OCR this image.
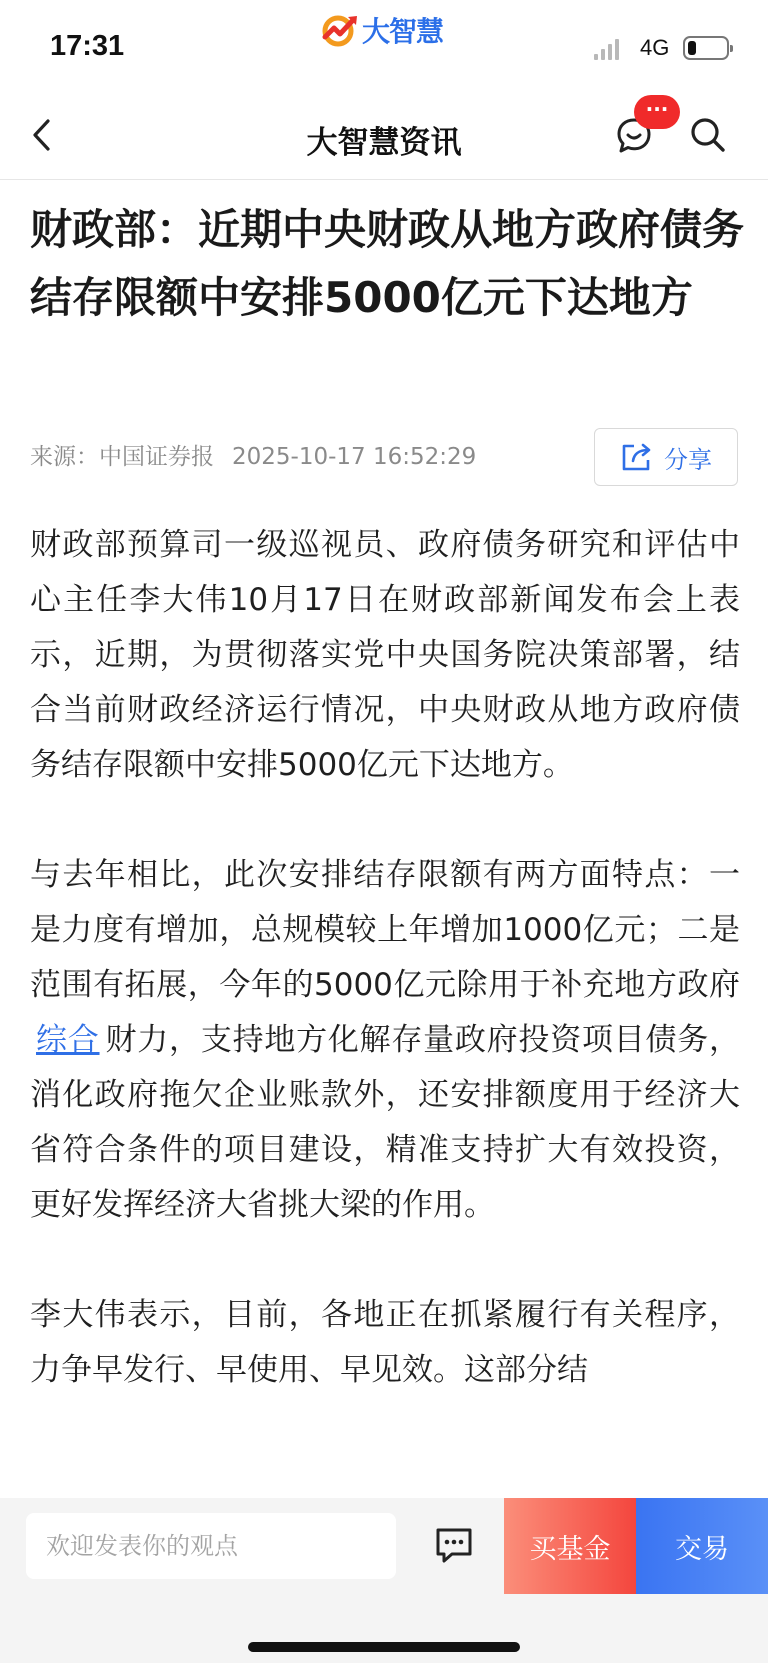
17:31	大智慧	4G
大智慧资讯
···
财政部：近期中央财政从地方政府债务结存限额中安排5000亿元下达地方
来源：中国证券报 2025-10-17 16:52:29	分享

财政部预算司一级巡视员、政府债务研究和评估中心主任李大伟10月17日在财政部新闻发布会上表示，近期，为贯彻落实党中央国务院决策部署，结合当前财政经济运行情况，中央财政从地方政府债务结存限额中安排5000亿元下达地方。

与去年相比，此次安排结存限额有两方面特点：一是力度有增加，总规模较上年增加1000亿元；二是范围有拓展，今年的5000亿元除用于补充地方政府综合 财力，支持地方化解存量政府投资项目债务，消化政府拖欠企业账款外，还安排额度用于经济大省符合条件的项目建设，精准支持扩大有效投资，更好发挥经济大省挑大梁的作用。

李大伟表示，目前，各地正在抓紧履行有关程序，力争早发行、早使用、早见效。这部分结

欢迎发表你的观点
买基金	交易
